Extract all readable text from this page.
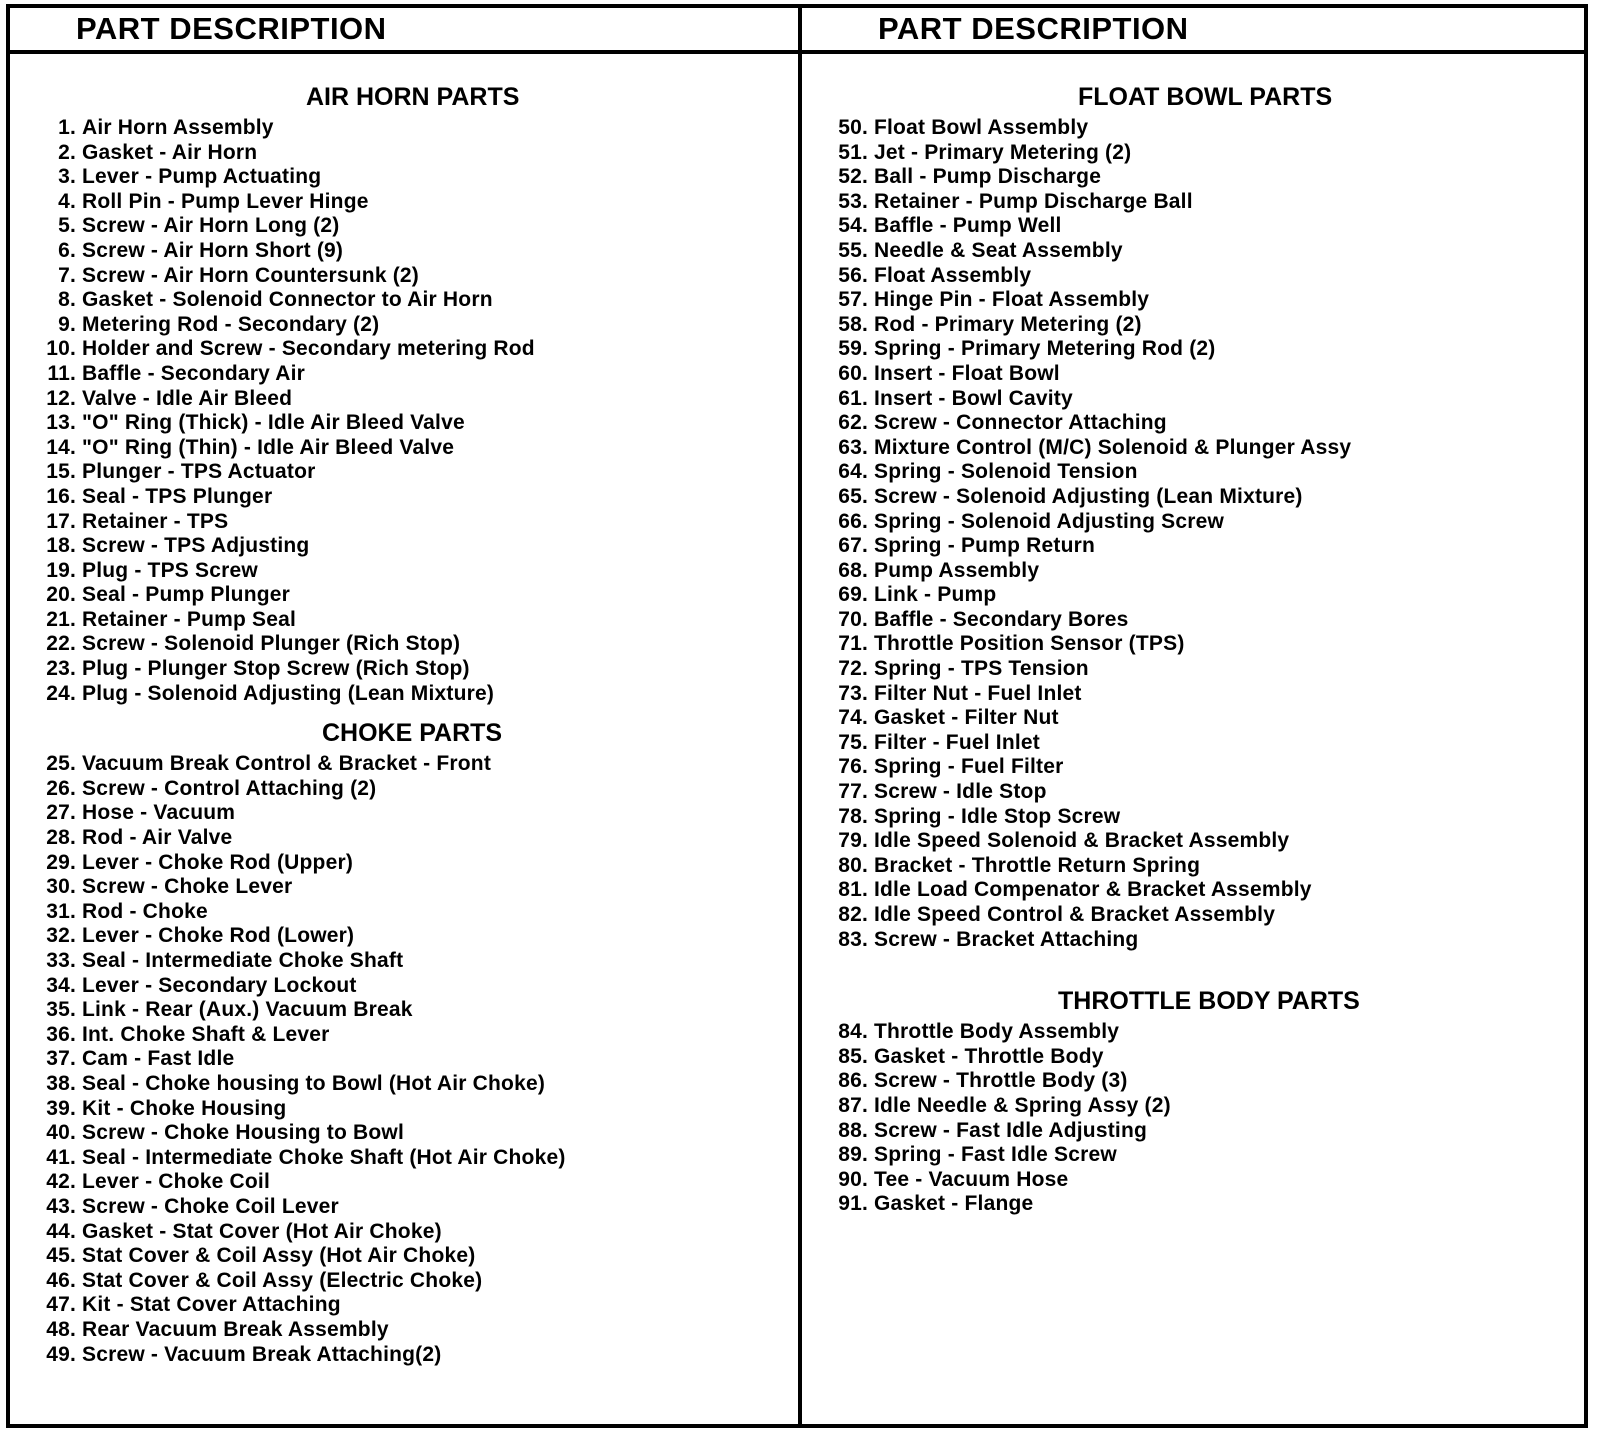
PART DESCRIPTION
AIR HORN PARTS
1. Air Horn Assembly
2. Gasket - Air Horn
3. Lever - Pump Actuating
4. Roll Pin - Pump Lever Hinge
5. Screw - Air Horn Long (2)
6. Screw - Air Horn Short (9)
7. Screw - Air Horn Countersunk (2)
8. Gasket - Solenoid Connector to Air Horn
9. Metering Rod - Secondary (2)
10. Holder and Screw - Secondary metering Rod
11. Baffle - Secondary Air
12. Valve - Idle Air Bleed
13. "O" Ring (Thick) - Idle Air Bleed Valve
14. "O" Ring (Thin) - Idle Air Bleed Valve
15. Plunger - TPS Actuator
16. Seal - TPS Plunger
17. Retainer - TPS
18. Screw - TPS Adjusting
19. Plug - TPS Screw
20. Seal - Pump Plunger
21. Retainer - Pump Seal
22. Screw - Solenoid Plunger (Rich Stop)
23. Plug - Plunger Stop Screw (Rich Stop)
24. Plug - Solenoid Adjusting (Lean Mixture)
CHOKE PARTS
25. Vacuum Break Control & Bracket - Front
26. Screw - Control Attaching (2)
27. Hose - Vacuum
28. Rod - Air Valve
29. Lever - Choke Rod (Upper)
30. Screw - Choke Lever
31. Rod - Choke
32. Lever - Choke Rod (Lower)
33. Seal - Intermediate Choke Shaft
34. Lever - Secondary Lockout
35. Link - Rear (Aux.) Vacuum Break
36. Int. Choke Shaft & Lever
37. Cam - Fast Idle
38. Seal - Choke housing to Bowl (Hot Air Choke)
39. Kit - Choke Housing
40. Screw - Choke Housing to Bowl
41. Seal - Intermediate Choke Shaft (Hot Air Choke)
42. Lever - Choke Coil
43. Screw - Choke Coil Lever
44. Gasket - Stat Cover (Hot Air Choke)
45. Stat Cover & Coil Assy (Hot Air Choke)
46. Stat Cover & Coil Assy (Electric Choke)
47. Kit - Stat Cover Attaching
48. Rear Vacuum Break Assembly
49. Screw - Vacuum Break Attaching(2)
PART DESCRIPTION
FLOAT BOWL PARTS
50. Float Bowl Assembly
51. Jet - Primary Metering (2)
52. Ball - Pump Discharge
53. Retainer - Pump Discharge Ball
54. Baffle - Pump Well
55. Needle & Seat Assembly
56. Float Assembly
57. Hinge Pin - Float Assembly
58. Rod - Primary Metering (2)
59. Spring - Primary Metering Rod (2)
60. Insert - Float Bowl
61. Insert - Bowl Cavity
62. Screw - Connector Attaching
63. Mixture Control (M/C) Solenoid & Plunger Assy
64. Spring - Solenoid Tension
65. Screw - Solenoid Adjusting (Lean Mixture)
66. Spring - Solenoid Adjusting Screw
67. Spring - Pump Return
68. Pump Assembly
69. Link - Pump
70. Baffle - Secondary Bores
71. Throttle Position Sensor (TPS)
72. Spring - TPS Tension
73. Filter Nut - Fuel Inlet
74. Gasket - Filter Nut
75. Filter - Fuel Inlet
76. Spring - Fuel Filter
77. Screw - Idle Stop
78. Spring - Idle Stop Screw
79. Idle Speed Solenoid & Bracket Assembly
80. Bracket - Throttle Return Spring
81. Idle Load Compenator & Bracket Assembly
82. Idle Speed Control & Bracket Assembly
83. Screw - Bracket Attaching
THROTTLE BODY PARTS
84. Throttle Body Assembly
85. Gasket - Throttle Body
86. Screw - Throttle Body (3)
87. Idle Needle & Spring Assy (2)
88. Screw - Fast Idle Adjusting
89. Spring - Fast Idle Screw
90. Tee - Vacuum Hose
91. Gasket - Flange
